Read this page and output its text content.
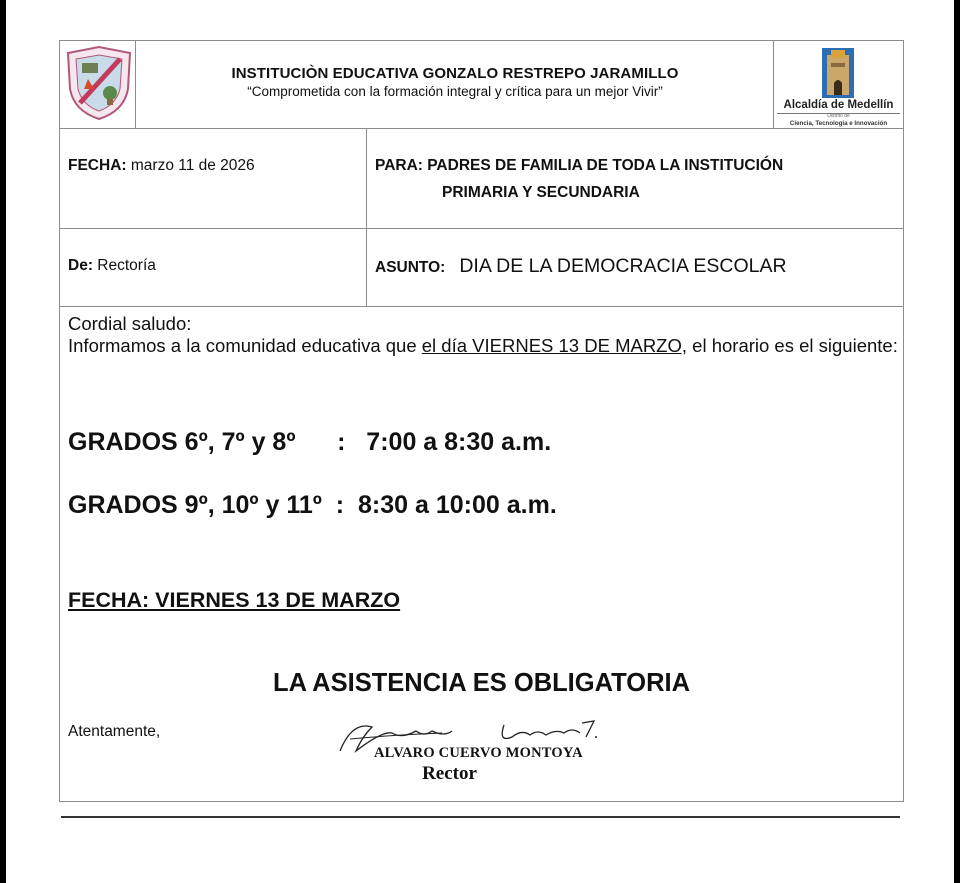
INSTITUCIÒN EDUCATIVA GONZALO RESTREPO JARAMILLO
“Comprometida con la formación integral y crítica para un mejor Vivir”
Alcaldía de Medellín
Distrito de
Ciencia, Tecnología e Innovación
FECHA: marzo 11 de 2026	PARA: PADRES DE FAMILIA DE TODA LA INSTITUCIÓN
PRIMARIA Y SECUNDARIA
De: Rectoría	ASUNTO: DIA DE LA DEMOCRACIA ESCOLAR
Cordial saludo:
Informamos a la comunidad educativa que el día VIERNES 13 DE MARZO, el horario es el siguiente:
GRADOS 6º, 7º y 8º      :   7:00 a 8:30 a.m.
GRADOS 9º, 10º y 11º  :  8:30 a 10:00 a.m.
FECHA: VIERNES 13 DE MARZO
LA ASISTENCIA ES OBLIGATORIA
Atentamente,
ALVARO CUERVO MONTOYA
Rector
